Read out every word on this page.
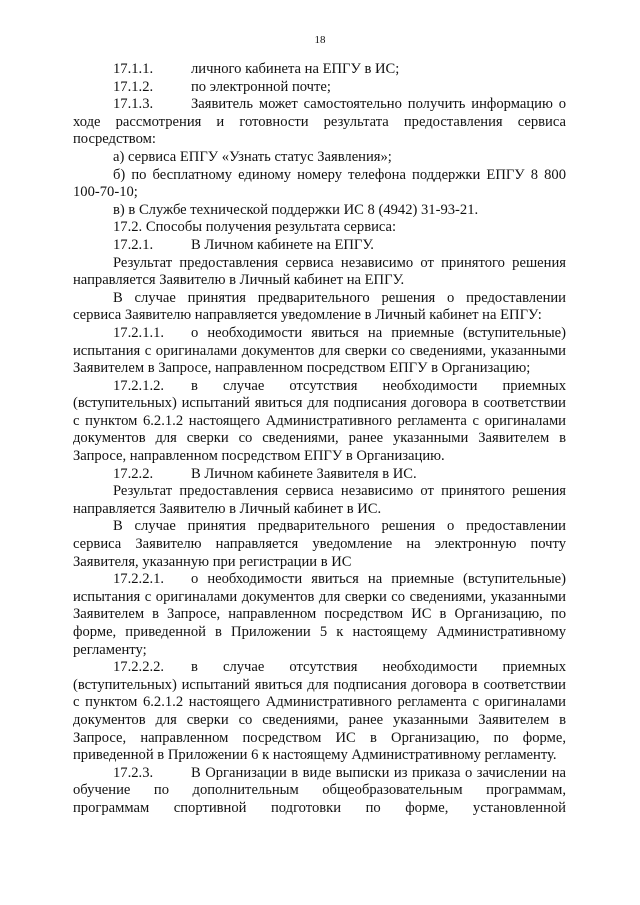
18

17.1.1.	личного кабинета на ЕПГУ в ИС;

17.1.2.	по электронной почте;

17.1.3.	Заявитель может самостоятельно получить информацию о ходе рассмотрения и готовности результата предоставления сервиса посредством:

а) сервиса ЕПГУ «Узнать статус Заявления»;

б) по бесплатному единому номеру телефона поддержки ЕПГУ 8 800 100-70-10;

в) в Службе технической поддержки ИС 8 (4942) 31-93-21.

17.2. Способы получения результата сервиса:

17.2.1.	В Личном кабинете на ЕПГУ.

Результат предоставления сервиса независимо от принятого решения направляется Заявителю в Личный кабинет на ЕПГУ.

В случае принятия предварительного решения о предоставлении сервиса Заявителю направляется уведомление в Личный кабинет на ЕПГУ:

17.2.1.1. о необходимости явиться на приемные (вступительные) испытания с оригиналами документов для сверки со сведениями, указанными Заявителем в Запросе, направленном посредством ЕПГУ в Организацию;

17.2.1.2. в случае отсутствия необходимости приемных (вступительных) испытаний явиться для подписания договора в соответствии с пунктом 6.2.1.2 настоящего Административного регламента с оригиналами документов для сверки со сведениями, ранее указанными Заявителем в Запросе, направленном посредством ЕПГУ в Организацию.

17.2.2.	В Личном кабинете Заявителя в ИС.

Результат предоставления сервиса независимо от принятого решения направляется Заявителю в Личный кабинет в ИС.

В случае принятия предварительного решения о предоставлении сервиса Заявителю направляется уведомление на электронную почту Заявителя, указанную при регистрации в ИС

17.2.2.1. о необходимости явиться на приемные (вступительные) испытания с оригиналами документов для сверки со сведениями, указанными Заявителем в Запросе, направленном посредством ИС в Организацию, по форме, приведенной в Приложении 5 к настоящему Административному регламенту;

17.2.2.2. в случае отсутствия необходимости приемных (вступительных) испытаний явиться для подписания договора в соответствии с пунктом 6.2.1.2 настоящего Административного регламента с оригиналами документов для сверки со сведениями, ранее указанными Заявителем в Запросе, направленном посредством ИС в Организацию, по форме, приведенной в Приложении 6 к настоящему Административному регламенту.

17.2.3.	В Организации в виде выписки из приказа о зачислении на обучение по дополнительным общеобразовательным программам, программам спортивной подготовки по форме, установленной
